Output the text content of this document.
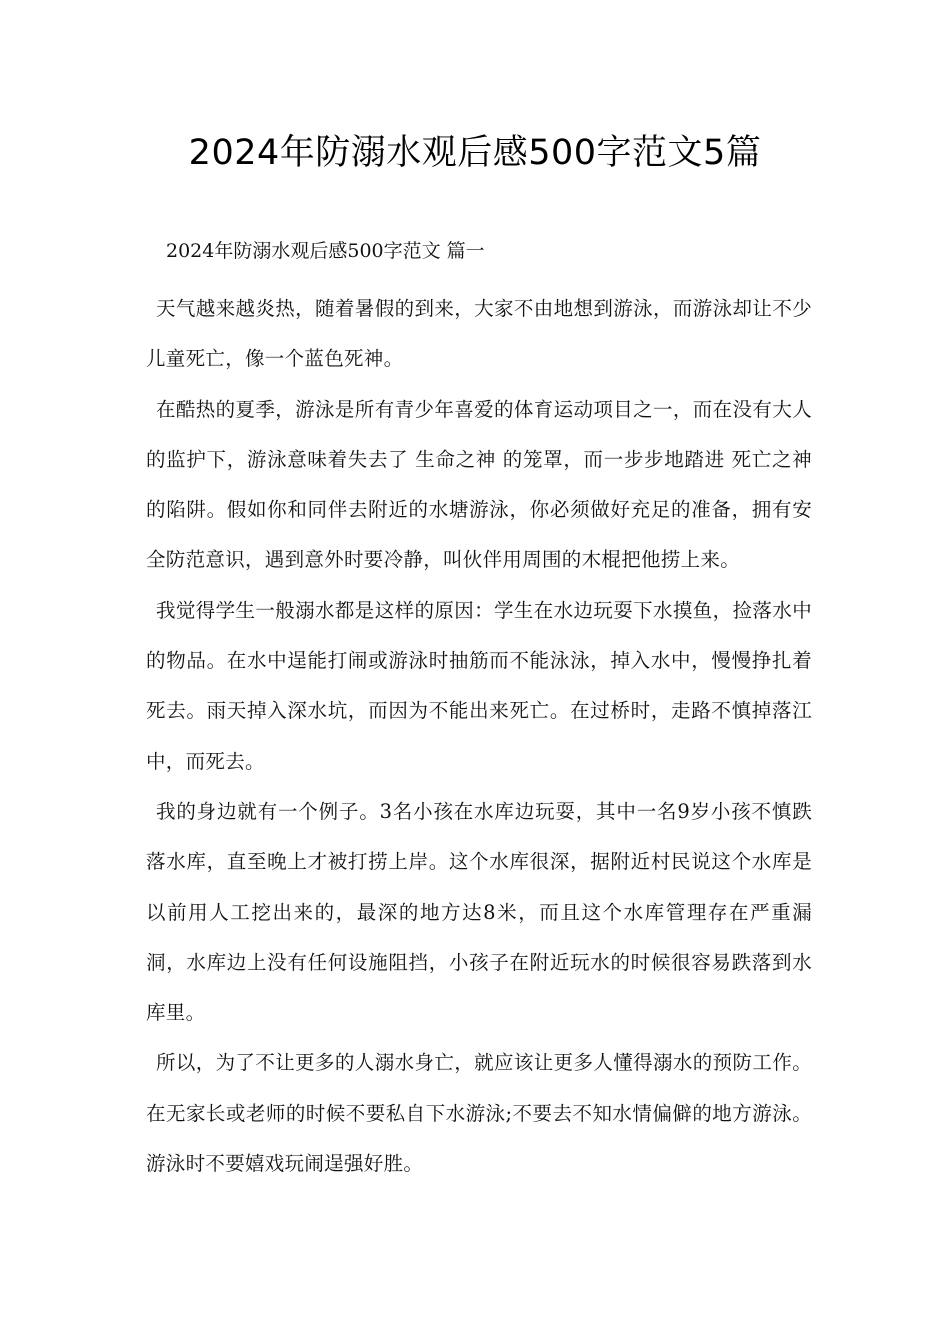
2024年防溺水观后感500字范文5篇
2024年防溺水观后感500字范文 篇一

天气越来越炎热，随着暑假的到来，大家不由地想到游泳，而游泳却让不少儿童死亡，像一个蓝色死神。

在酷热的夏季，游泳是所有青少年喜爱的体育运动项目之一，而在没有大人的监护下，游泳意味着失去了 生命之神 的笼罩，而一步步地踏进 死亡之神 的陷阱。假如你和同伴去附近的水塘游泳，你必须做好充足的准备，拥有安全防范意识，遇到意外时要冷静，叫伙伴用周围的木棍把他捞上来。

我觉得学生一般溺水都是这样的原因：学生在水边玩耍下水摸鱼，捡落水中的物品。在水中逞能打闹或游泳时抽筋而不能泳泳，掉入水中，慢慢挣扎着死去。雨天掉入深水坑，而因为不能出来死亡。在过桥时，走路不慎掉落江中，而死去。

我的身边就有一个例子。3名小孩在水库边玩耍，其中一名9岁小孩不慎跌落水库，直至晚上才被打捞上岸。这个水库很深，据附近村民说这个水库是以前用人工挖出来的，最深的地方达8米，而且这个水库管理存在严重漏洞，水库边上没有任何设施阻挡，小孩子在附近玩水的时候很容易跌落到水库里。

所以，为了不让更多的人溺水身亡，就应该让更多人懂得溺水的预防工作。在无家长或老师的时候不要私自下水游泳;不要去不知水情偏僻的地方游泳。游泳时不要嬉戏玩闹逞强好胜。
